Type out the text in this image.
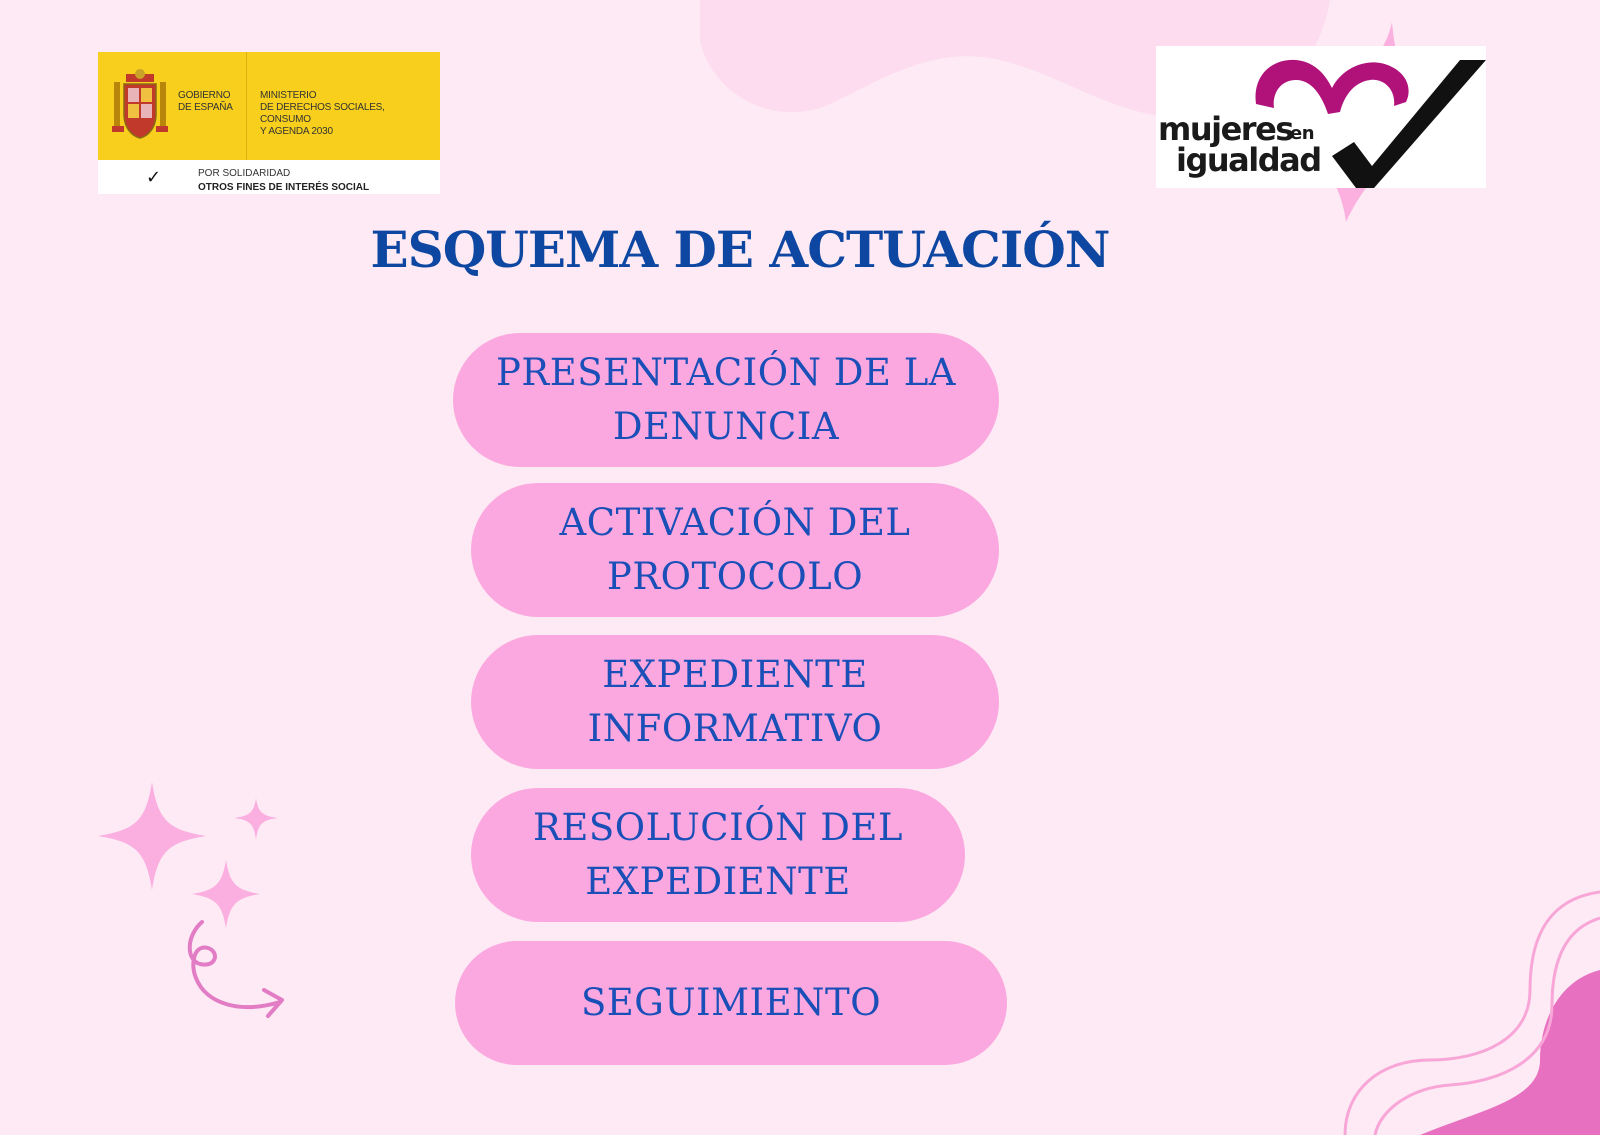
GOBIERNO
DE ESPAÑA
MINISTERIO
DE DERECHOS SOCIALES, CONSUMO
Y AGENDA 2030
✓	POR SOLIDARIDAD
OTROS FINES DE INTERÉS SOCIAL
mujeres
en
igualdad
ESQUEMA DE ACTUACIÓN
PRESENTACIÓN DE LA
DENUNCIA
ACTIVACIÓN DEL
PROTOCOLO
EXPEDIENTE
INFORMATIVO
RESOLUCIÓN DEL
EXPEDIENTE
SEGUIMIENTO
